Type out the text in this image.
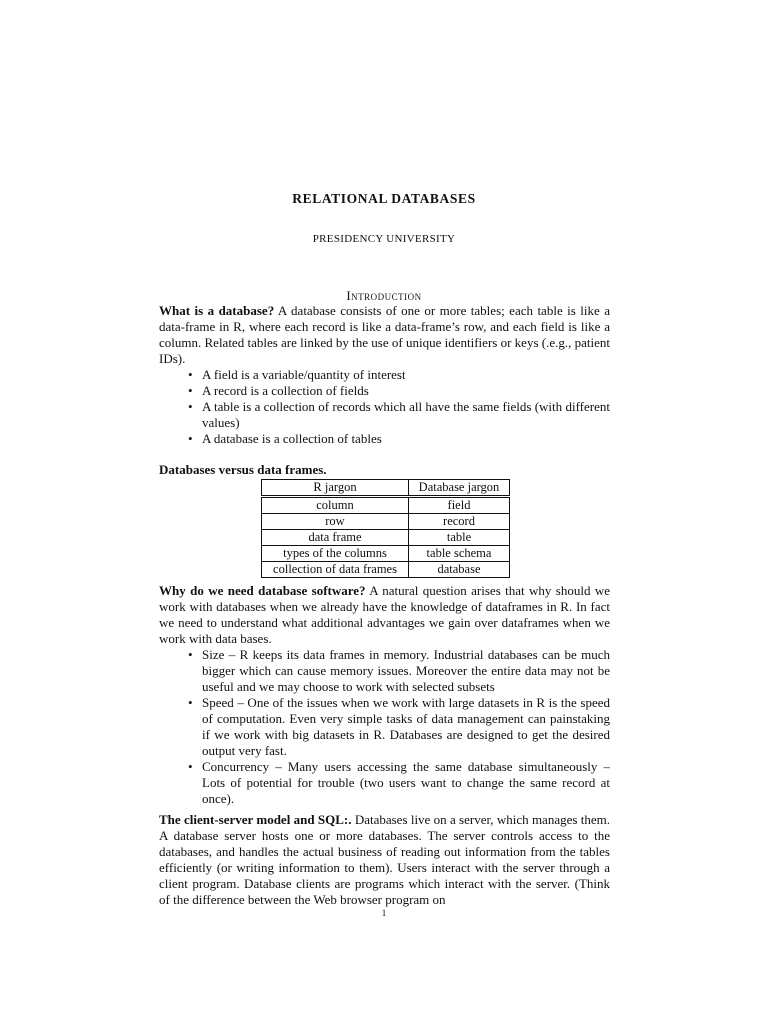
RELATIONAL DATABASES
PRESIDENCY UNIVERSITY
Introduction

What is a database? A database consists of one or more tables; each table is like a data-frame in R, where each record is like a data-frame’s row, and each field is like a column. Related tables are linked by the use of unique identifiers or keys (.e.g., patient IDs).

• A field is a variable/quantity of interest
• A record is a collection of fields
• A table is a collection of records which all have the same fields (with different values)
• A database is a collection of tables
Databases versus data frames.
R jargon	Database jargon
column	field
row	record
data frame	table
types of the columns	table schema
collection of data frames	database

Why do we need database software? A natural question arises that why should we work with databases when we already have the knowledge of dataframes in R. In fact we need to understand what additional advantages we gain over dataframes when we work with data bases.

• Size – R keeps its data frames in memory. Industrial databases can be much bigger which can cause memory issues. Moreover the entire data may not be useful and we may choose to work with selected subsets
• Speed – One of the issues when we work with large datasets in R is the speed of computation. Even very simple tasks of data management can painstaking if we work with big datasets in R. Databases are designed to get the desired output very fast.
• Concurrency – Many users accessing the same database simultaneously – Lots of potential for trouble (two users want to change the same record at once).

The client-server model and SQL:. Databases live on a server, which manages them. A database server hosts one or more databases. The server controls access to the databases, and handles the actual business of reading out information from the tables efficiently (or writing information to them). Users interact with the server through a client program. Database clients are programs which interact with the server. (Think of the difference between the Web browser program on

1
